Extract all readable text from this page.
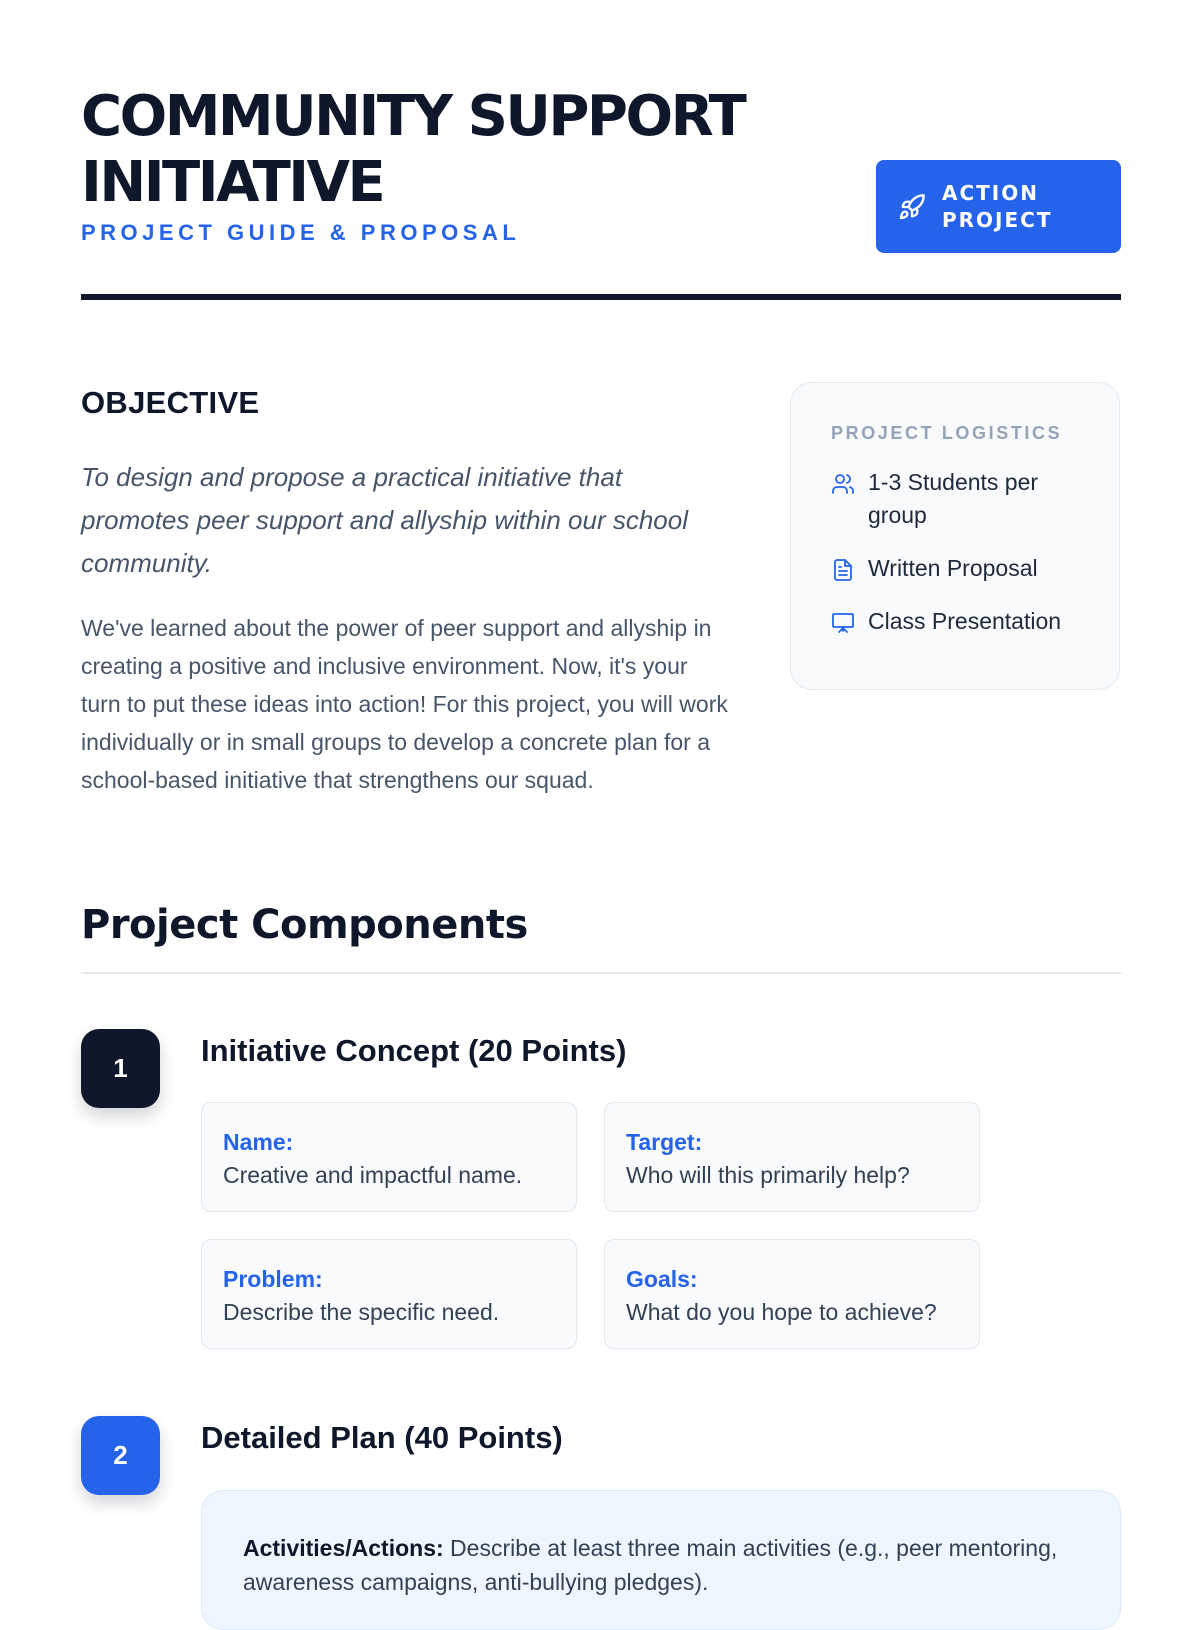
COMMUNITY SUPPORT INITIATIVE
PROJECT GUIDE & PROPOSAL
ACTION PROJECT
OBJECTIVE
To design and propose a practical initiative that promotes peer support and allyship within our school community.
We've learned about the power of peer support and allyship in creating a positive and inclusive environment. Now, it's your turn to put these ideas into action! For this project, you will work individually or in small groups to develop a concrete plan for a school-based initiative that strengthens our squad.
PROJECT LOGISTICS
1-3 Students per group
Written Proposal
Class Presentation
Project Components
1	Initiative Concept (20 Points)
Name:
Creative and impactful name.
Target:
Who will this primarily help?
Problem:
Describe the specific need.
Goals:
What do you hope to achieve?
2	Detailed Plan (40 Points)
Activities/Actions: Describe at least three main activities (e.g., peer mentoring, awareness campaigns, anti-bullying pledges).
